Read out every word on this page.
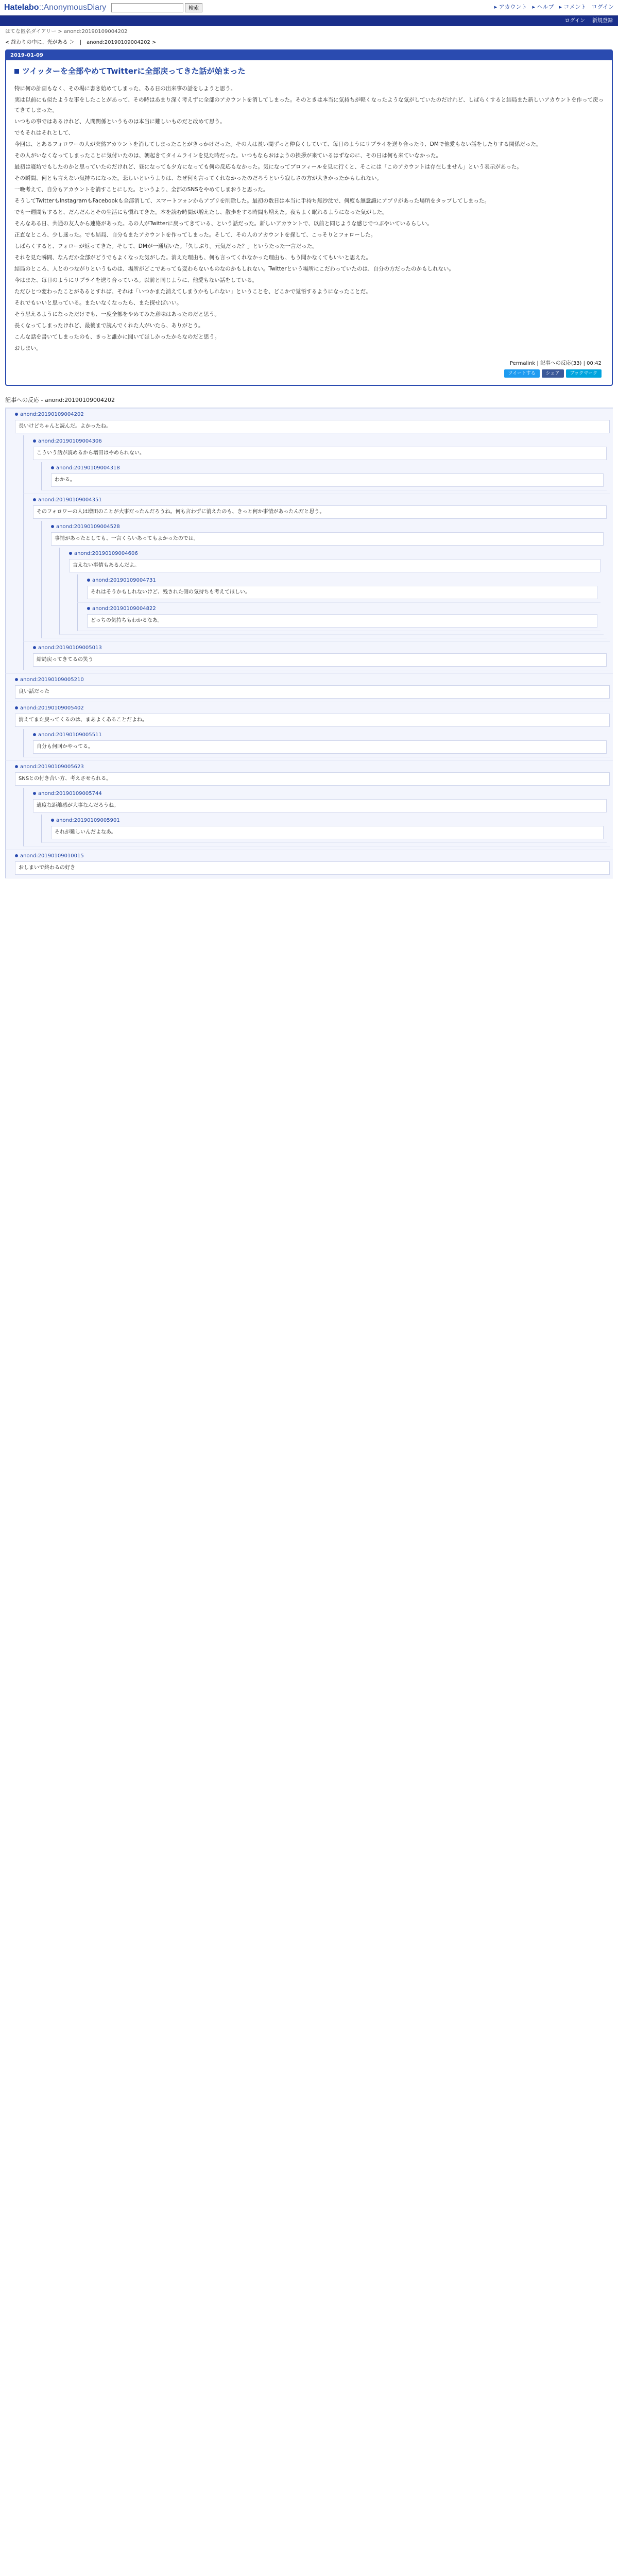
Hatelabo::AnonymousDiary	検索	▸ アカウント ▸ ヘルプ ▸ コメント ログイン
ログイン 新規登録
はてな匿名ダイアリー > anond:20190109004202
< 終わりの中に、光がある ＞　|　anond:20190109004202 >
2019-01-09
ツイッターを全部やめてTwitterに全部戻ってきた話が始まった

特に何の計画もなく、その場に書き始めてしまった、ある日の出来事の話をしようと思う。

実は以前にも似たような事をしたことがあって、その時はあまり深く考えずに全部のアカウントを消してしまった。そのときは本当に気持ちが軽くなったような気がしていたのだけれど、しばらくすると結局また新しいアカウントを作って戻ってきてしまった。

いつもの事ではあるけれど、人間関係というものは本当に難しいものだと改めて思う。

でもそれはそれとして、

今回は、とあるフォロワーの人が突然アカウントを消してしまったことがきっかけだった。その人は長い間ずっと仲良くしていて、毎日のようにリプライを送り合ったり、DMで他愛もない話をしたりする関係だった。

その人がいなくなってしまったことに気付いたのは、朝起きてタイムラインを見た時だった。いつもならおはようの挨拶が来ているはずなのに、その日は何も来ていなかった。

最初は寝坊でもしたのかと思っていたのだけれど、昼になっても夕方になっても何の反応もなかった。気になってプロフィールを見に行くと、そこには「このアカウントは存在しません」という表示があった。

その瞬間、何とも言えない気持ちになった。悲しいというよりは、なぜ何も言ってくれなかったのだろうという寂しさの方が大きかったかもしれない。

一晩考えて、自分もアカウントを消すことにした。というより、全部のSNSをやめてしまおうと思った。

そうしてTwitterもInstagramもFacebookも全部消して、スマートフォンからアプリを削除した。最初の数日は本当に手持ち無沙汰で、何度も無意識にアプリがあった場所をタップしてしまった。

でも一週間もすると、だんだんとその生活にも慣れてきた。本を読む時間が増えたし、散歩をする時間も増えた。夜もよく眠れるようになった気がした。

そんなある日、共通の友人から連絡があった。あの人がTwitterに戻ってきている、という話だった。新しいアカウントで、以前と同じような感じでつぶやいているらしい。

正直なところ、少し迷った。でも結局、自分もまたアカウントを作ってしまった。そして、その人のアカウントを探して、こっそりとフォローした。

しばらくすると、フォローが返ってきた。そして、DMが一通届いた。「久しぶり。元気だった？」というたった一言だった。

それを見た瞬間、なんだか全部がどうでもよくなった気がした。消えた理由も、何も言ってくれなかった理由も、もう聞かなくてもいいと思えた。

結局のところ、人とのつながりというものは、場所がどこであっても変わらないものなのかもしれない。Twitterという場所にこだわっていたのは、自分の方だったのかもしれない。

今はまた、毎日のようにリプライを送り合っている。以前と同じように、他愛もない話をしている。

ただひとつ変わったことがあるとすれば、それは「いつかまた消えてしまうかもしれない」ということを、どこかで覚悟するようになったことだ。

それでもいいと思っている。またいなくなったら、また探せばいい。

そう思えるようになっただけでも、一度全部をやめてみた意味はあったのだと思う。

長くなってしまったけれど、最後まで読んでくれた人がいたら、ありがとう。

こんな話を書いてしまったのも、きっと誰かに聞いてほしかったからなのだと思う。

おしまい。

Permalink | 記事への反応(33) | 00:42
ツイートする	シェア	ブックマーク
記事への反応 - anond:20190109004202
anond:20190109004202
長いけどちゃんと読んだ。よかったね。
anond:20190109004306
こういう話が読めるから増田はやめられない。
anond:20190109004318
わかる。
anond:20190109004351
そのフォロワーの人は増田のことが大事だったんだろうね。何も言わずに消えたのも、きっと何か事情があったんだと思う。
anond:20190109004528
事情があったとしても、一言くらいあってもよかったのでは。
anond:20190109004606
言えない事情もあるんだよ。
anond:20190109004731
それはそうかもしれないけど、残された側の気持ちも考えてほしい。
anond:20190109004822
どっちの気持ちもわかるなあ。
anond:20190109005013
結局戻ってきてるの笑う
anond:20190109005210
良い話だった
anond:20190109005402
消えてまた戻ってくるのは、まあよくあることだよね。
anond:20190109005511
自分も何回かやってる。
anond:20190109005623
SNSとの付き合い方、考えさせられる。
anond:20190109005744
適度な距離感が大事なんだろうね。
anond:20190109005901
それが難しいんだよなあ。
anond:20190109010015
おしまいで終わるの好き
